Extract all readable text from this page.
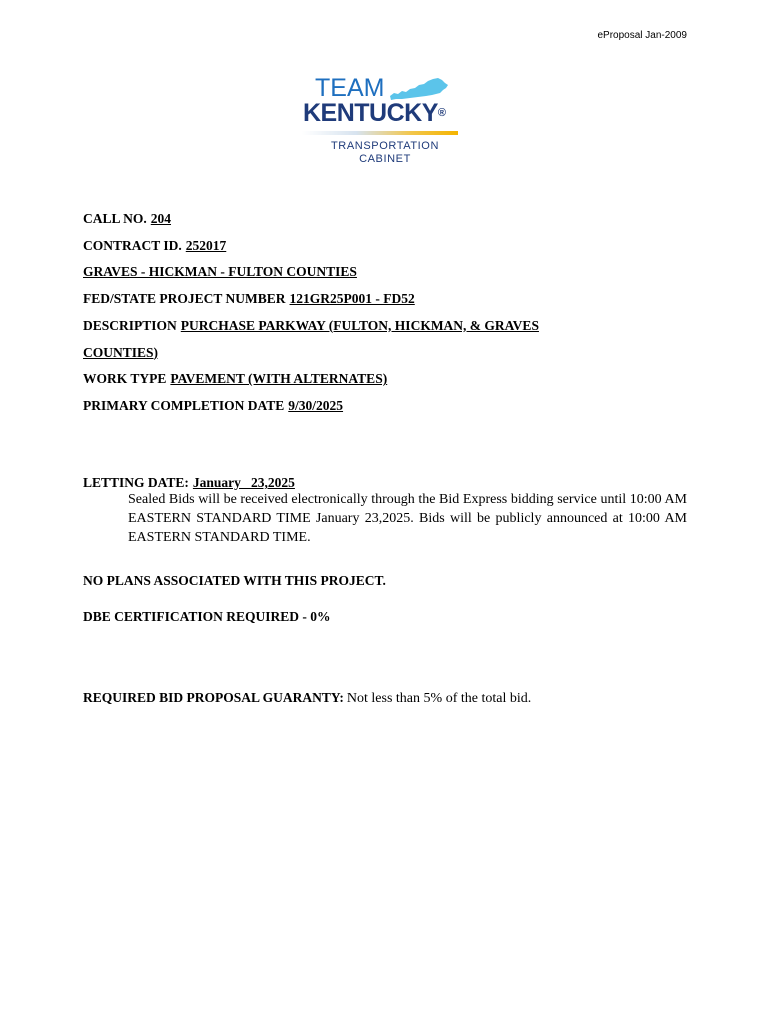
eProposal Jan-2009
TEAM
KENTUCKY®
TRANSPORTATION
CABINET
CALL NO. 204
CONTRACT ID. 252017
GRAVES - HICKMAN - FULTON COUNTIES
FED/STATE PROJECT NUMBER 121GR25P001 - FD52
DESCRIPTION PURCHASE PARKWAY (FULTON, HICKMAN, & GRAVES
COUNTIES)
WORK TYPE PAVEMENT (WITH ALTERNATES)
PRIMARY COMPLETION DATE 9/30/2025
LETTING DATE: January   23,2025
Sealed Bids will be received electronically through the Bid Express bidding service until 10:00 AM EASTERN STANDARD TIME January 23,2025. Bids will be publicly announced at 10:00 AM EASTERN STANDARD TIME.
NO PLANS ASSOCIATED WITH THIS PROJECT.
DBE CERTIFICATION REQUIRED - 0%
REQUIRED BID PROPOSAL GUARANTY: Not less than 5% of the total bid.
